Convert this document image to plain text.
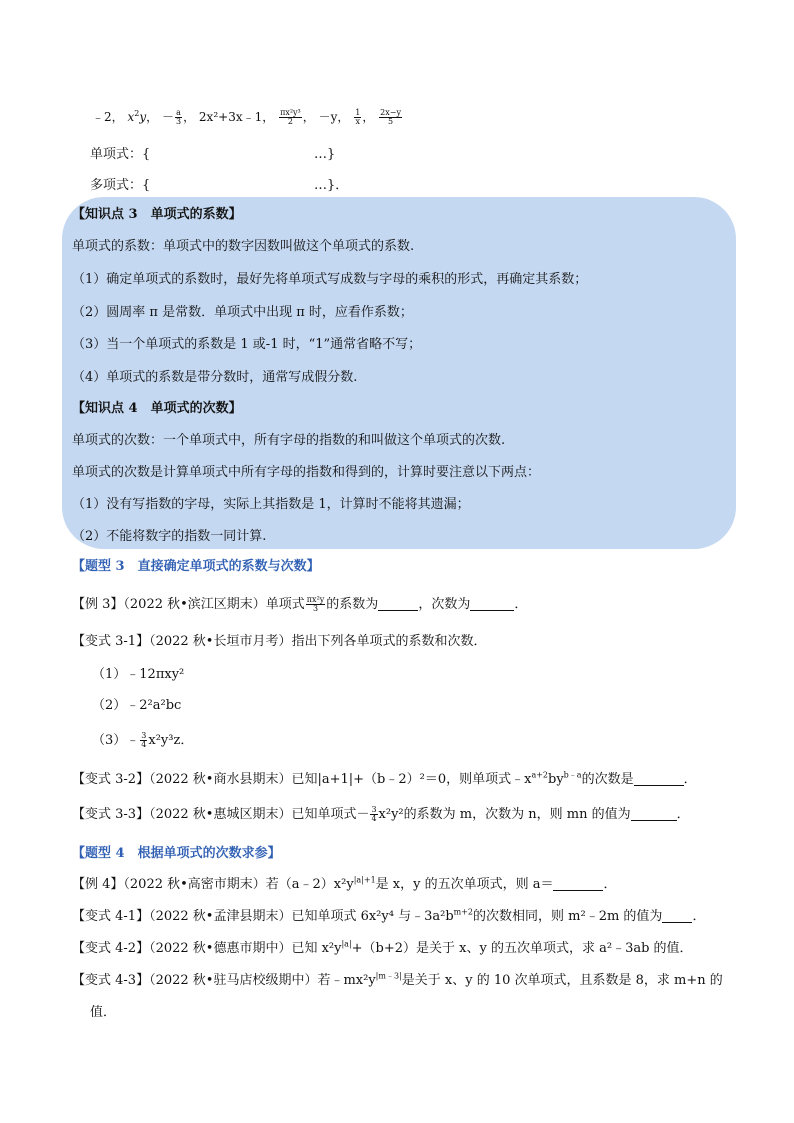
﹣2， $x^2y$， － $\frac{a}{3}$ ， 2x²+3x﹣1， $\frac{\text{πx²y³}}{2}$ ， －y， $\frac{1}{x}$ ， $\frac{2x-y}{5}$
单项式：{	…}
多项式：{	…}．
【知识点 3　单项式的系数】
单项式的系数：单项式中的数字因数叫做这个单项式的系数.
（1）确定单项式的系数时，最好先将单项式写成数与字母的乘积的形式，再确定其系数；
（2）圆周率 π 是常数．单项式中出现 π 时，应看作系数；
（3）当一个单项式的系数是 1 或-1 时，“1”通常省略不写；
（4）单项式的系数是带分数时，通常写成假分数.
【知识点 4　单项式的次数】
单项式的次数：一个单项式中，所有字母的指数的和叫做这个单项式的次数.
单项式的次数是计算单项式中所有字母的指数和得到的，计算时要注意以下两点：
（1）没有写指数的字母，实际上其指数是 1，计算时不能将其遗漏；
（2）不能将数字的指数一同计算.
【题型 3　直接确定单项式的系数与次数】
【例 3】（2022 秋•滨江区期末）单项式 $\frac{\text{πx²y}}{3}$ 的系数为	，次数为	．
【变式 3-1】（2022 秋•长垣市月考）指出下列各单项式的系数和次数．
（1）﹣12πxy²
（2）﹣2²a²bc
（3）﹣ $\frac{3}{4} x^2y^3z$．
【变式 3-2】（2022 秋•商水县期末）已知|a+1|+（b﹣2）²＝0，则单项式$﹣x^{a+2}by^{b﹣a}$的次数是	．
【变式 3-3】（2022 秋•惠城区期末）已知单项式－ $\frac{3}{4} x^2y^2$的系数为 m，次数为 n，则 mn 的值为	．
【题型 4　根据单项式的次数求参】
【例 4】（2022 秋•高密市期末）若$(a﹣2)x^2y^{|a|+1}$是 x，y 的五次单项式，则 a＝	．
【变式 4-1】（2022 秋•孟津县期末）已知单项式 6x²y⁴ 与$﹣3a^2b^{m+2}$的次数相同，则 m²﹣2m 的值为 ．
【变式 4-2】（2022 秋•德惠市期中）已知 $x^2y^{|a|}+(b+2)$是关于 x、y 的五次单项式，求 a²﹣3ab 的值．
【变式 4-3】（2022 秋•驻马店校级期中）若$﹣mx^2y^{|m﹣3|}$是关于 x、y 的 10 次单项式，且系数是 8，求 m+n 的
值．
